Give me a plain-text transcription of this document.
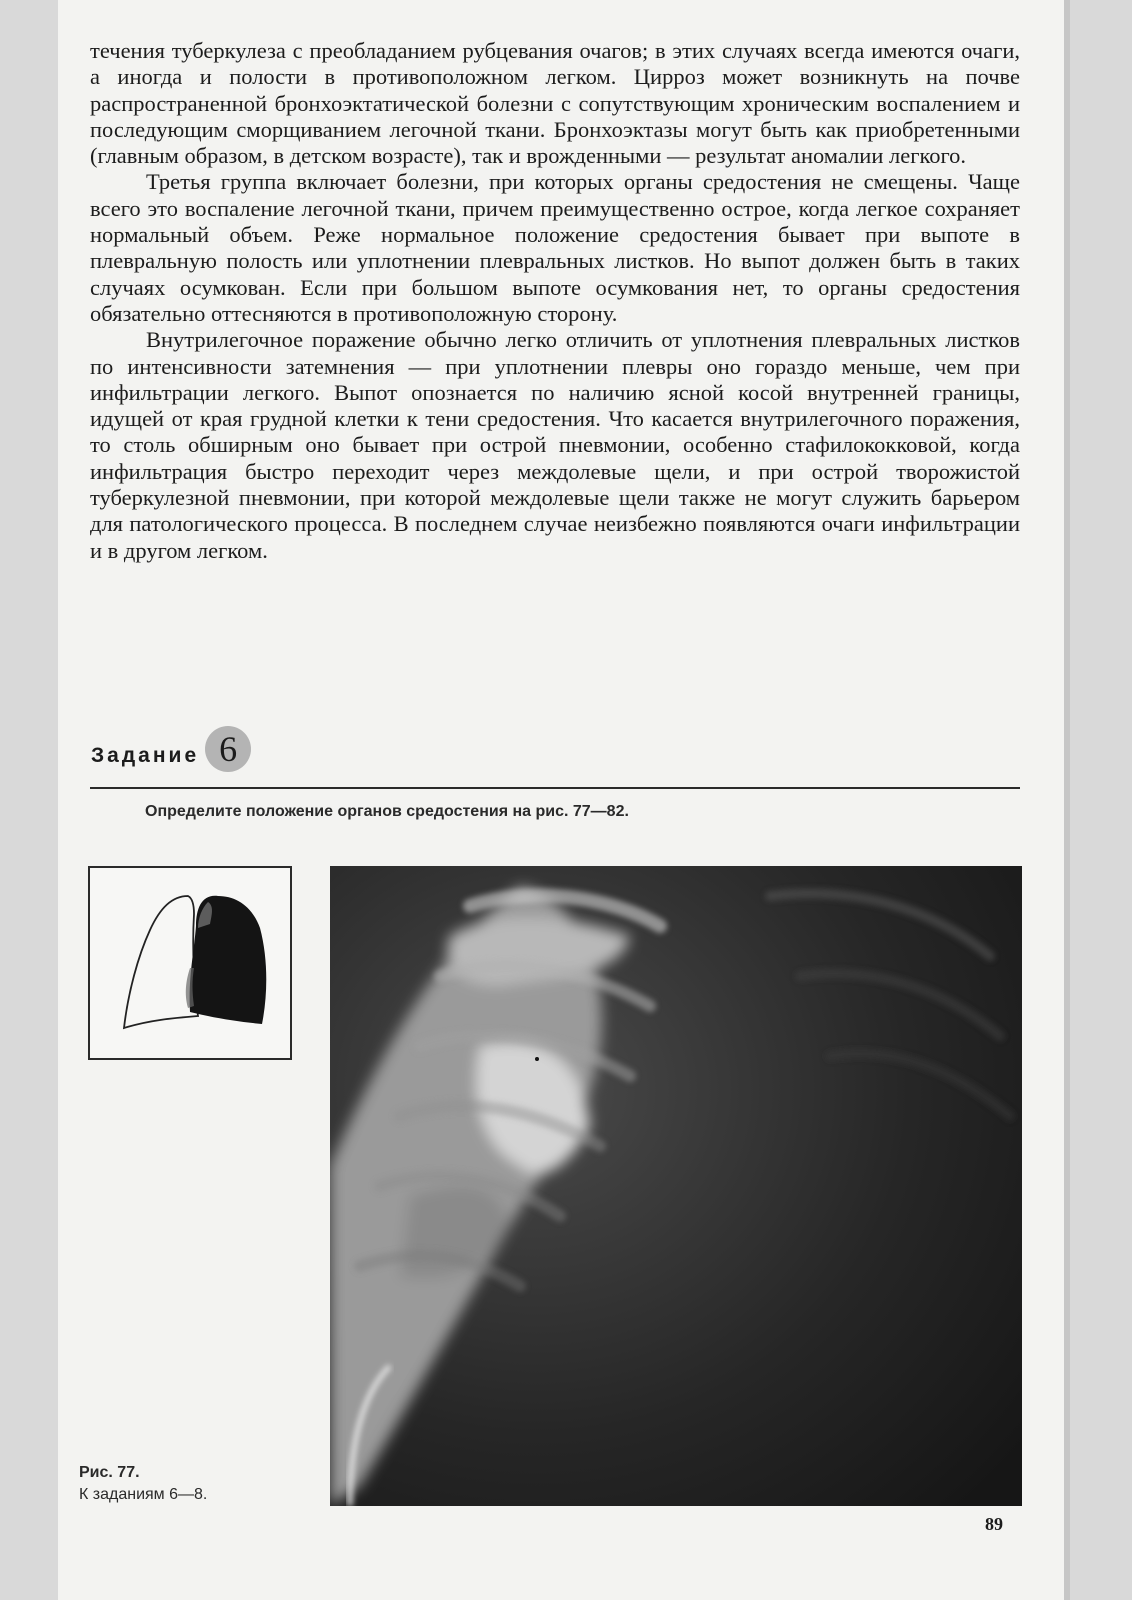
течения туберкулеза с преобладанием рубцевания очагов; в этих случаях всегда имеются очаги, а иногда и полости в противоположном легком. Цирроз может возникнуть на почве распространенной бронхоэктатической болезни с сопутствующим хроническим воспалением и последующим сморщиванием легочной ткани. Бронхоэктазы могут быть как приобретенными (главным образом, в детском возрасте), так и врожденными — результат аномалии легкого.

Третья группа включает болезни, при которых органы средостения не смещены. Чаще всего это воспаление легочной ткани, причем преимущественно острое, когда легкое сохраняет нормальный объем. Реже нормальное положение средостения бывает при выпоте в плевральную полость или уплотнении плевральных листков. Но выпот должен быть в таких случаях осумкован. Если при большом выпоте осумкования нет, то органы средостения обязательно оттесняются в противоположную сторону.

Внутрилегочное поражение обычно легко отличить от уплотнения плевральных листков по интенсивности затемнения — при уплотнении плевры оно гораздо меньше, чем при инфильтрации легкого. Выпот опознается по наличию ясной косой внутренней границы, идущей от края грудной клетки к тени средостения. Что касается внутрилегочного поражения, то столь обширным оно бывает при острой пневмонии, особенно стафилококковой, когда инфильтрация быстро переходит через междолевые щели, и при острой творожистой туберкулезной пневмонии, при которой междолевые щели также не могут служить барьером для патологического процесса. В последнем случае неизбежно появляются очаги инфильтрации и в другом легком.

Задание 6
Определите положение органов средостения на рис. 77—82.
Рис. 77.
К заданиям 6—8.
89
